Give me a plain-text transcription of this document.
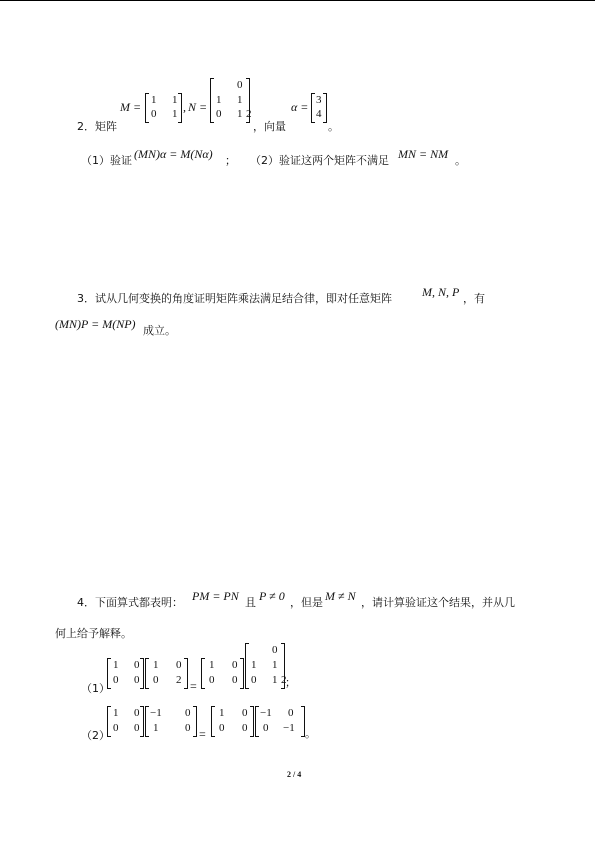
2．矩阵
M = 1 1
0 1 , N = 1
0
1
0 1 2
，向量
α = 3
4
。
（1）验证 (MN)α = M(Nα) ； （2）验证这两个矩阵不满足 MN = NM 。
3．试从几何变换的角度证明矩阵乘法满足结合律，即对任意矩阵	M, N, P ，有
(MN)P = M(NP) 成立。
4．下面算式都表明： PM = PN 且 P ≠ 0 ，但是 M ≠ N ，请计算验证这个结果，并从几
何上给予解释。
（1）
1 0
0 0
1 0
0 2 =
1 0
0 0
1
0
1
0 1 2
；
（2）
1 0
0 0
−1 0
1 0 =
1 0
0 0
−1 0
0 −1 。
2 / 4
